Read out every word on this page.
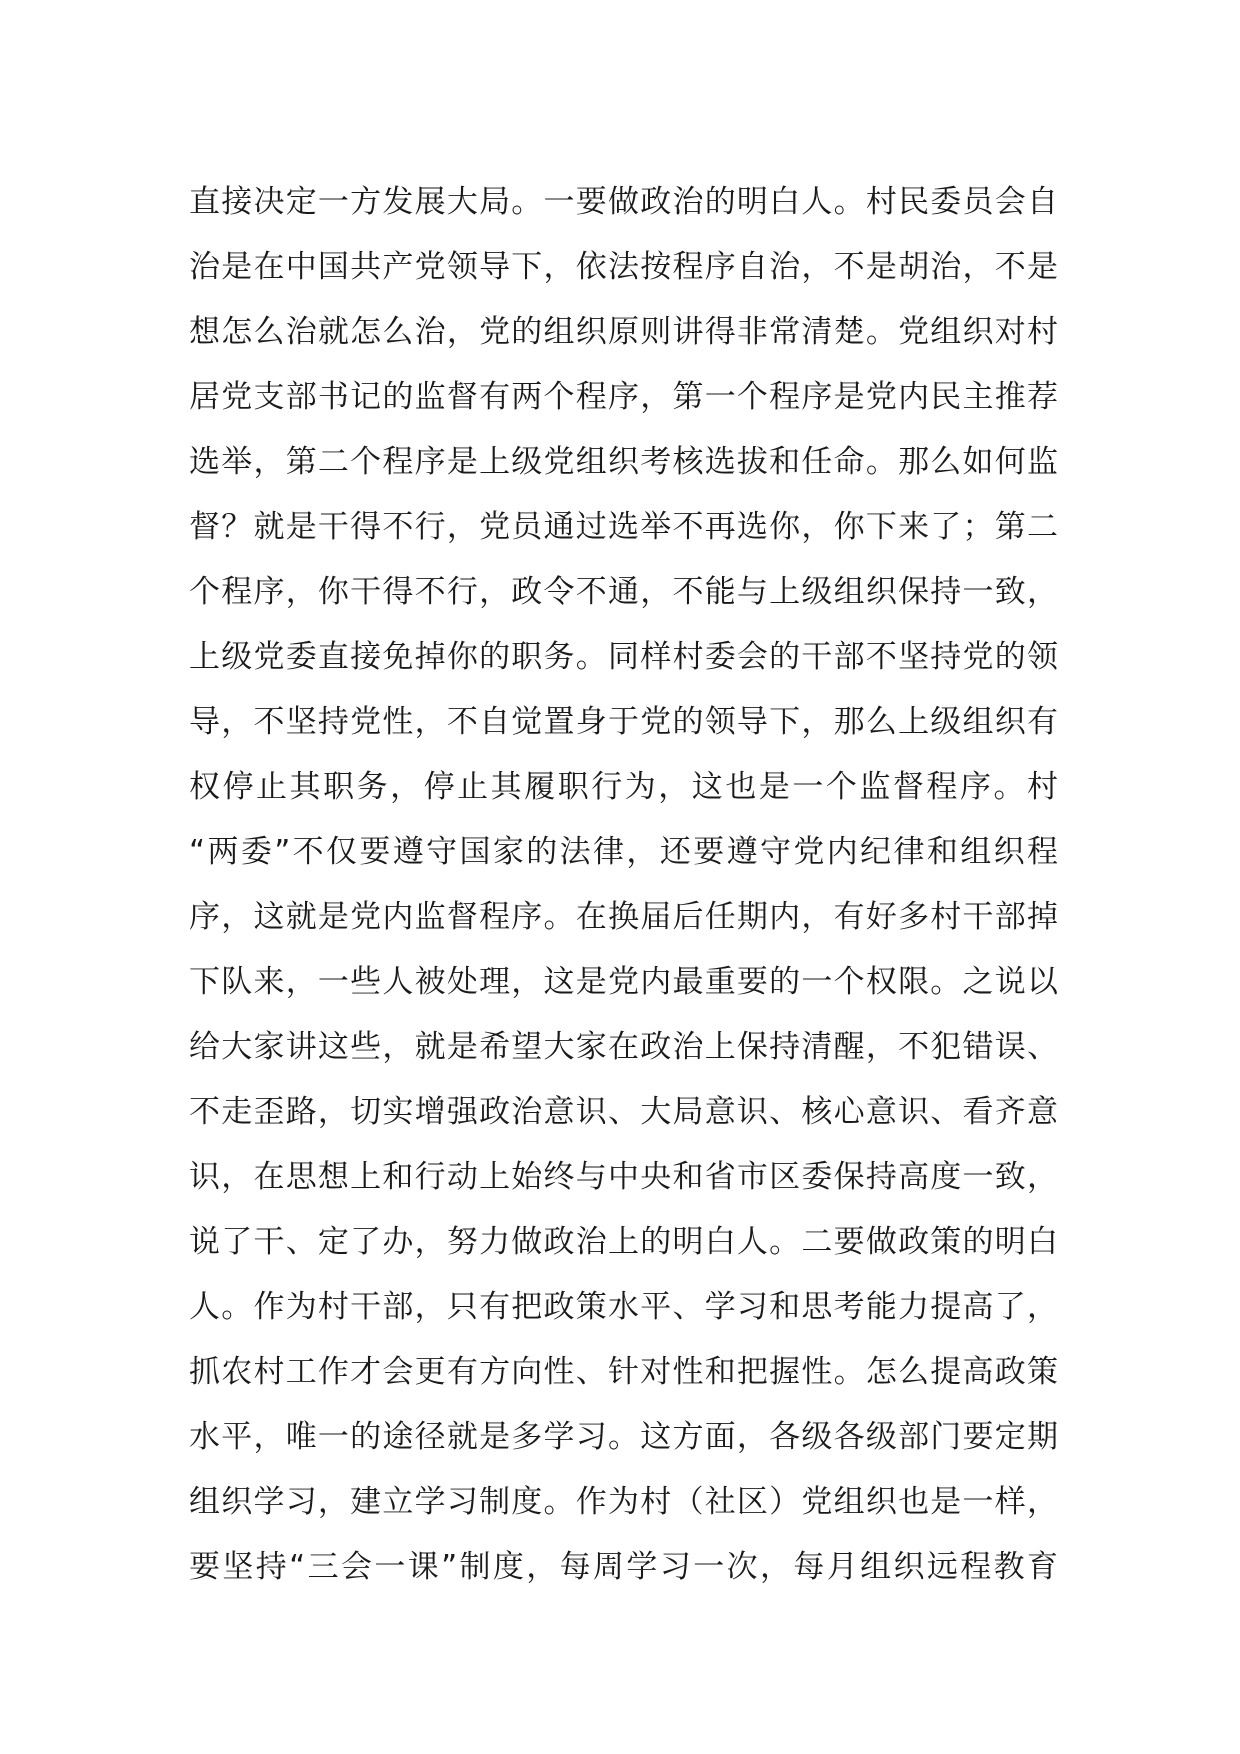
直接决定一方发展大局。一要做政治的明白人。村民委员会自
治是在中国共产党领导下，依法按程序自治，不是胡治，不是
想怎么治就怎么治，党的组织原则讲得非常清楚。党组织对村
居党支部书记的监督有两个程序，第一个程序是党内民主推荐
选举，第二个程序是上级党组织考核选拔和任命。那么如何监
督？就是干得不行，党员通过选举不再选你，你下来了；第二
个程序，你干得不行，政令不通，不能与上级组织保持一致，
上级党委直接免掉你的职务。同样村委会的干部不坚持党的领
导，不坚持党性，不自觉置身于党的领导下，那么上级组织有
权停止其职务，停止其履职行为，这也是一个监督程序。村
“两委”不仅要遵守国家的法律，还要遵守党内纪律和组织程
序，这就是党内监督程序。在换届后任期内，有好多村干部掉
下队来，一些人被处理，这是党内最重要的一个权限。之说以
给大家讲这些，就是希望大家在政治上保持清醒，不犯错误、
不走歪路，切实增强政治意识、大局意识、核心意识、看齐意
识，在思想上和行动上始终与中央和省市区委保持高度一致，
说了干、定了办，努力做政治上的明白人。二要做政策的明白
人。作为村干部，只有把政策水平、学习和思考能力提高了，
抓农村工作才会更有方向性、针对性和把握性。怎么提高政策
水平，唯一的途径就是多学习。这方面，各级各级部门要定期
组织学习，建立学习制度。作为村（社区）党组织也是一样，
要坚持“三会一课”制度，每周学习一次，每月组织远程教育
